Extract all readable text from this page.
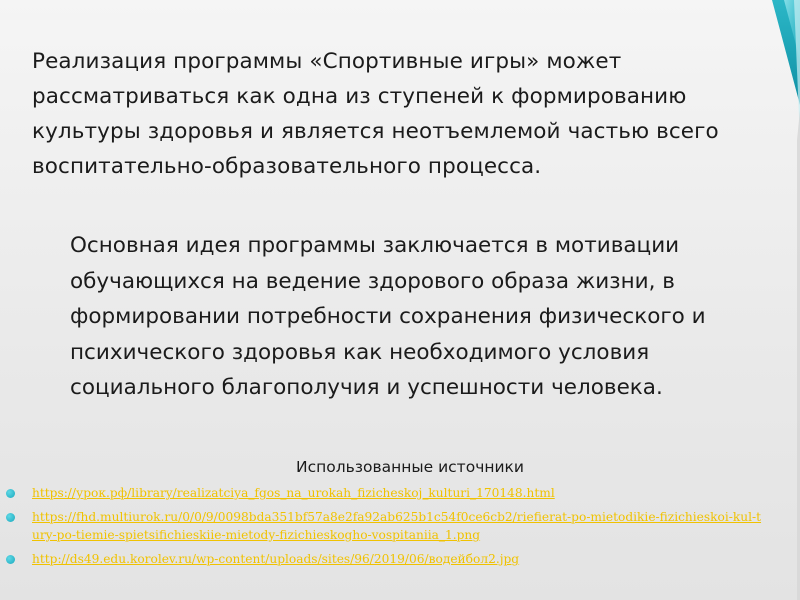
Реализация программы «Спортивные игры» может рассматриваться как одна из ступеней к формированию культуры здоровья и является неотъемлемой частью всего воспитательно-образовательного процесса.
Основная идея программы заключается в мотивации обучающихся на ведение здорового образа жизни, в формировании потребности сохранения физического и психического здоровья как необходимого условия социального благополучия и успешности человека.
Использованные источники
https://урок.рф/library/realizatciya_fgos_na_urokah_fizicheskoj_kulturi_170148.html
https://fhd.multiurok.ru/0/0/9/0098bda351bf57a8e2fa92ab625b1c54f0ce6cb2/riefierat-po-mietodikie-fizichieskoi-kul-tury-po-tiemie-spietsifichieskiie-mietody-fizichieskogho-vospitaniia_1.png
http://ds49.edu.korolev.ru/wp-content/uploads/sites/96/2019/06/водейбол2.jpg
